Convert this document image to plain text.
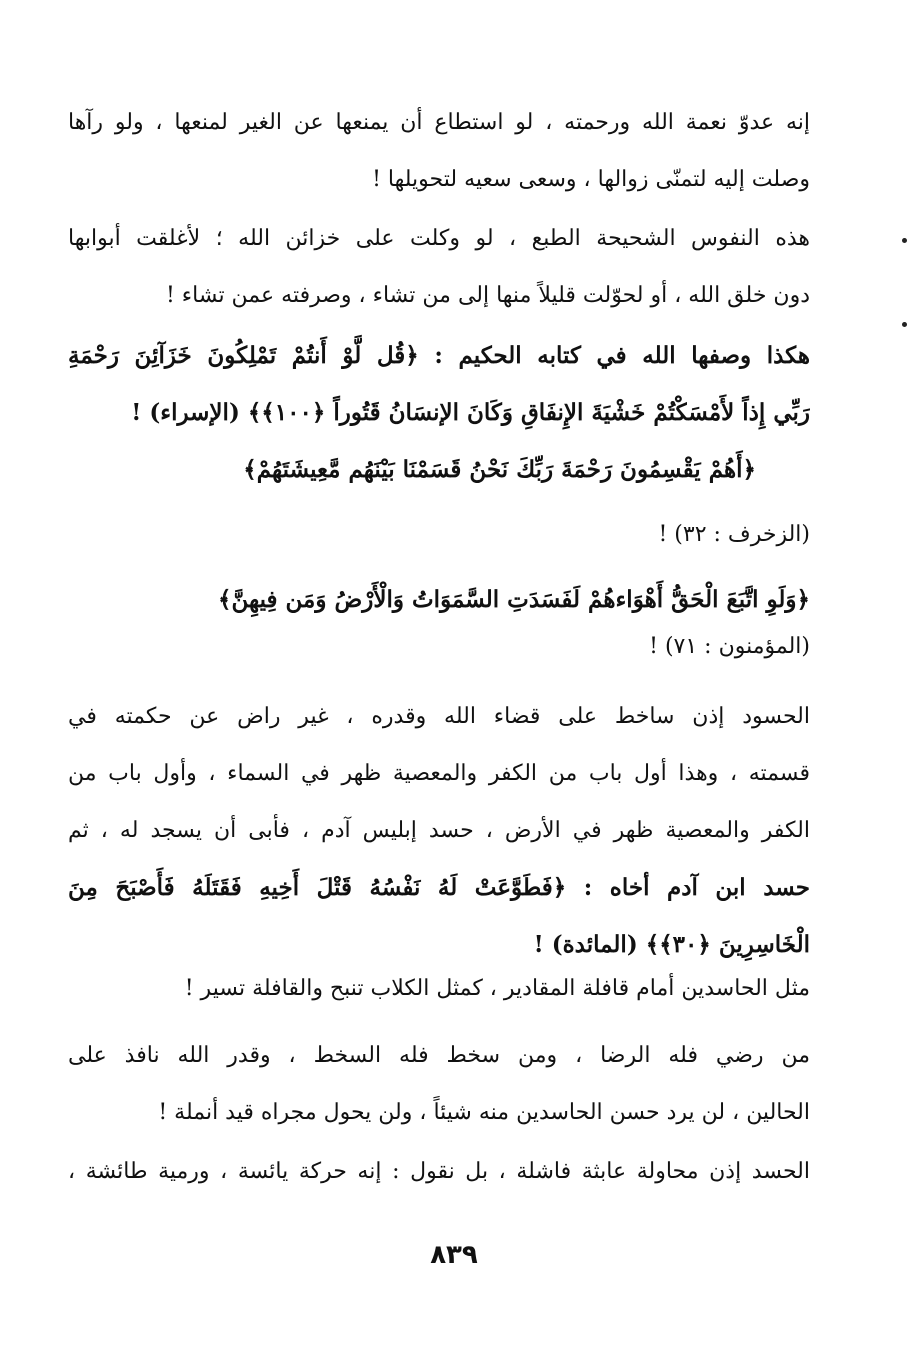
إنه عدوّ نعمة الله ورحمته ، لو استطاع أن يمنعها عن الغير لمنعها ، ولو رآها
وصلت إليه لتمنّى زوالها ، وسعى سعيه لتحويلها !
هذه النفوس الشحيحة الطبع ، لو وكلت على خزائن الله ؛ لأغلقت أبوابها
دون خلق الله ، أو لحوّلت قليلاً منها إلى من تشاء ، وصرفته عمن تشاء !
هكذا وصفها الله في كتابه الحكيم : ﴿قُل لَّوْ أَنتُمْ تَمْلِكُونَ خَزَآئِنَ رَحْمَةِ
رَبِّي إِذاً لأَمْسَكْتُمْ خَشْيَةَ الإِنفَاقِ وَكَانَ الإنسَانُ قَتُوراً ﴿١٠٠﴾﴾ (الإسراء) !
﴿أَهُمْ يَقْسِمُونَ رَحْمَةَ رَبِّكَ نَحْنُ قَسَمْنَا بَيْنَهُم مَّعِيشَتَهُمْ﴾
(الزخرف : ٣٢) !
﴿وَلَوِ اتَّبَعَ الْحَقُّ أَهْوَاءهُمْ لَفَسَدَتِ السَّمَوَاتُ وَالْأَرْضُ وَمَن فِيهِنَّ﴾
(المؤمنون : ٧١) !
الحسود إذن ساخط على قضاء الله وقدره ، غير راض عن حكمته في
قسمته ، وهذا أول باب من الكفر والمعصية ظهر في السماء ، وأول باب من
الكفر والمعصية ظهر في الأرض ، حسد إبليس آدم ، فأبى أن يسجد له ، ثم
حسد ابن آدم أخاه : ﴿فَطَوَّعَتْ لَهُ نَفْسُهُ قَتْلَ أَخِيهِ فَقَتَلَهُ فَأَصْبَحَ مِنَ
الْخَاسِرِينَ ﴿٣٠﴾﴾ (المائدة) !
مثل الحاسدين أمام قافلة المقادير ، كمثل الكلاب تنبح والقافلة تسير !
من رضي فله الرضا ، ومن سخط فله السخط ، وقدر الله نافذ على
الحالين ، لن يرد حسن الحاسدين منه شيئاً ، ولن يحول مجراه قيد أنملة !
الحسد إذن محاولة عابثة فاشلة ، بل نقول : إنه حركة يائسة ، ورمية طائشة ،
٨٣٩
